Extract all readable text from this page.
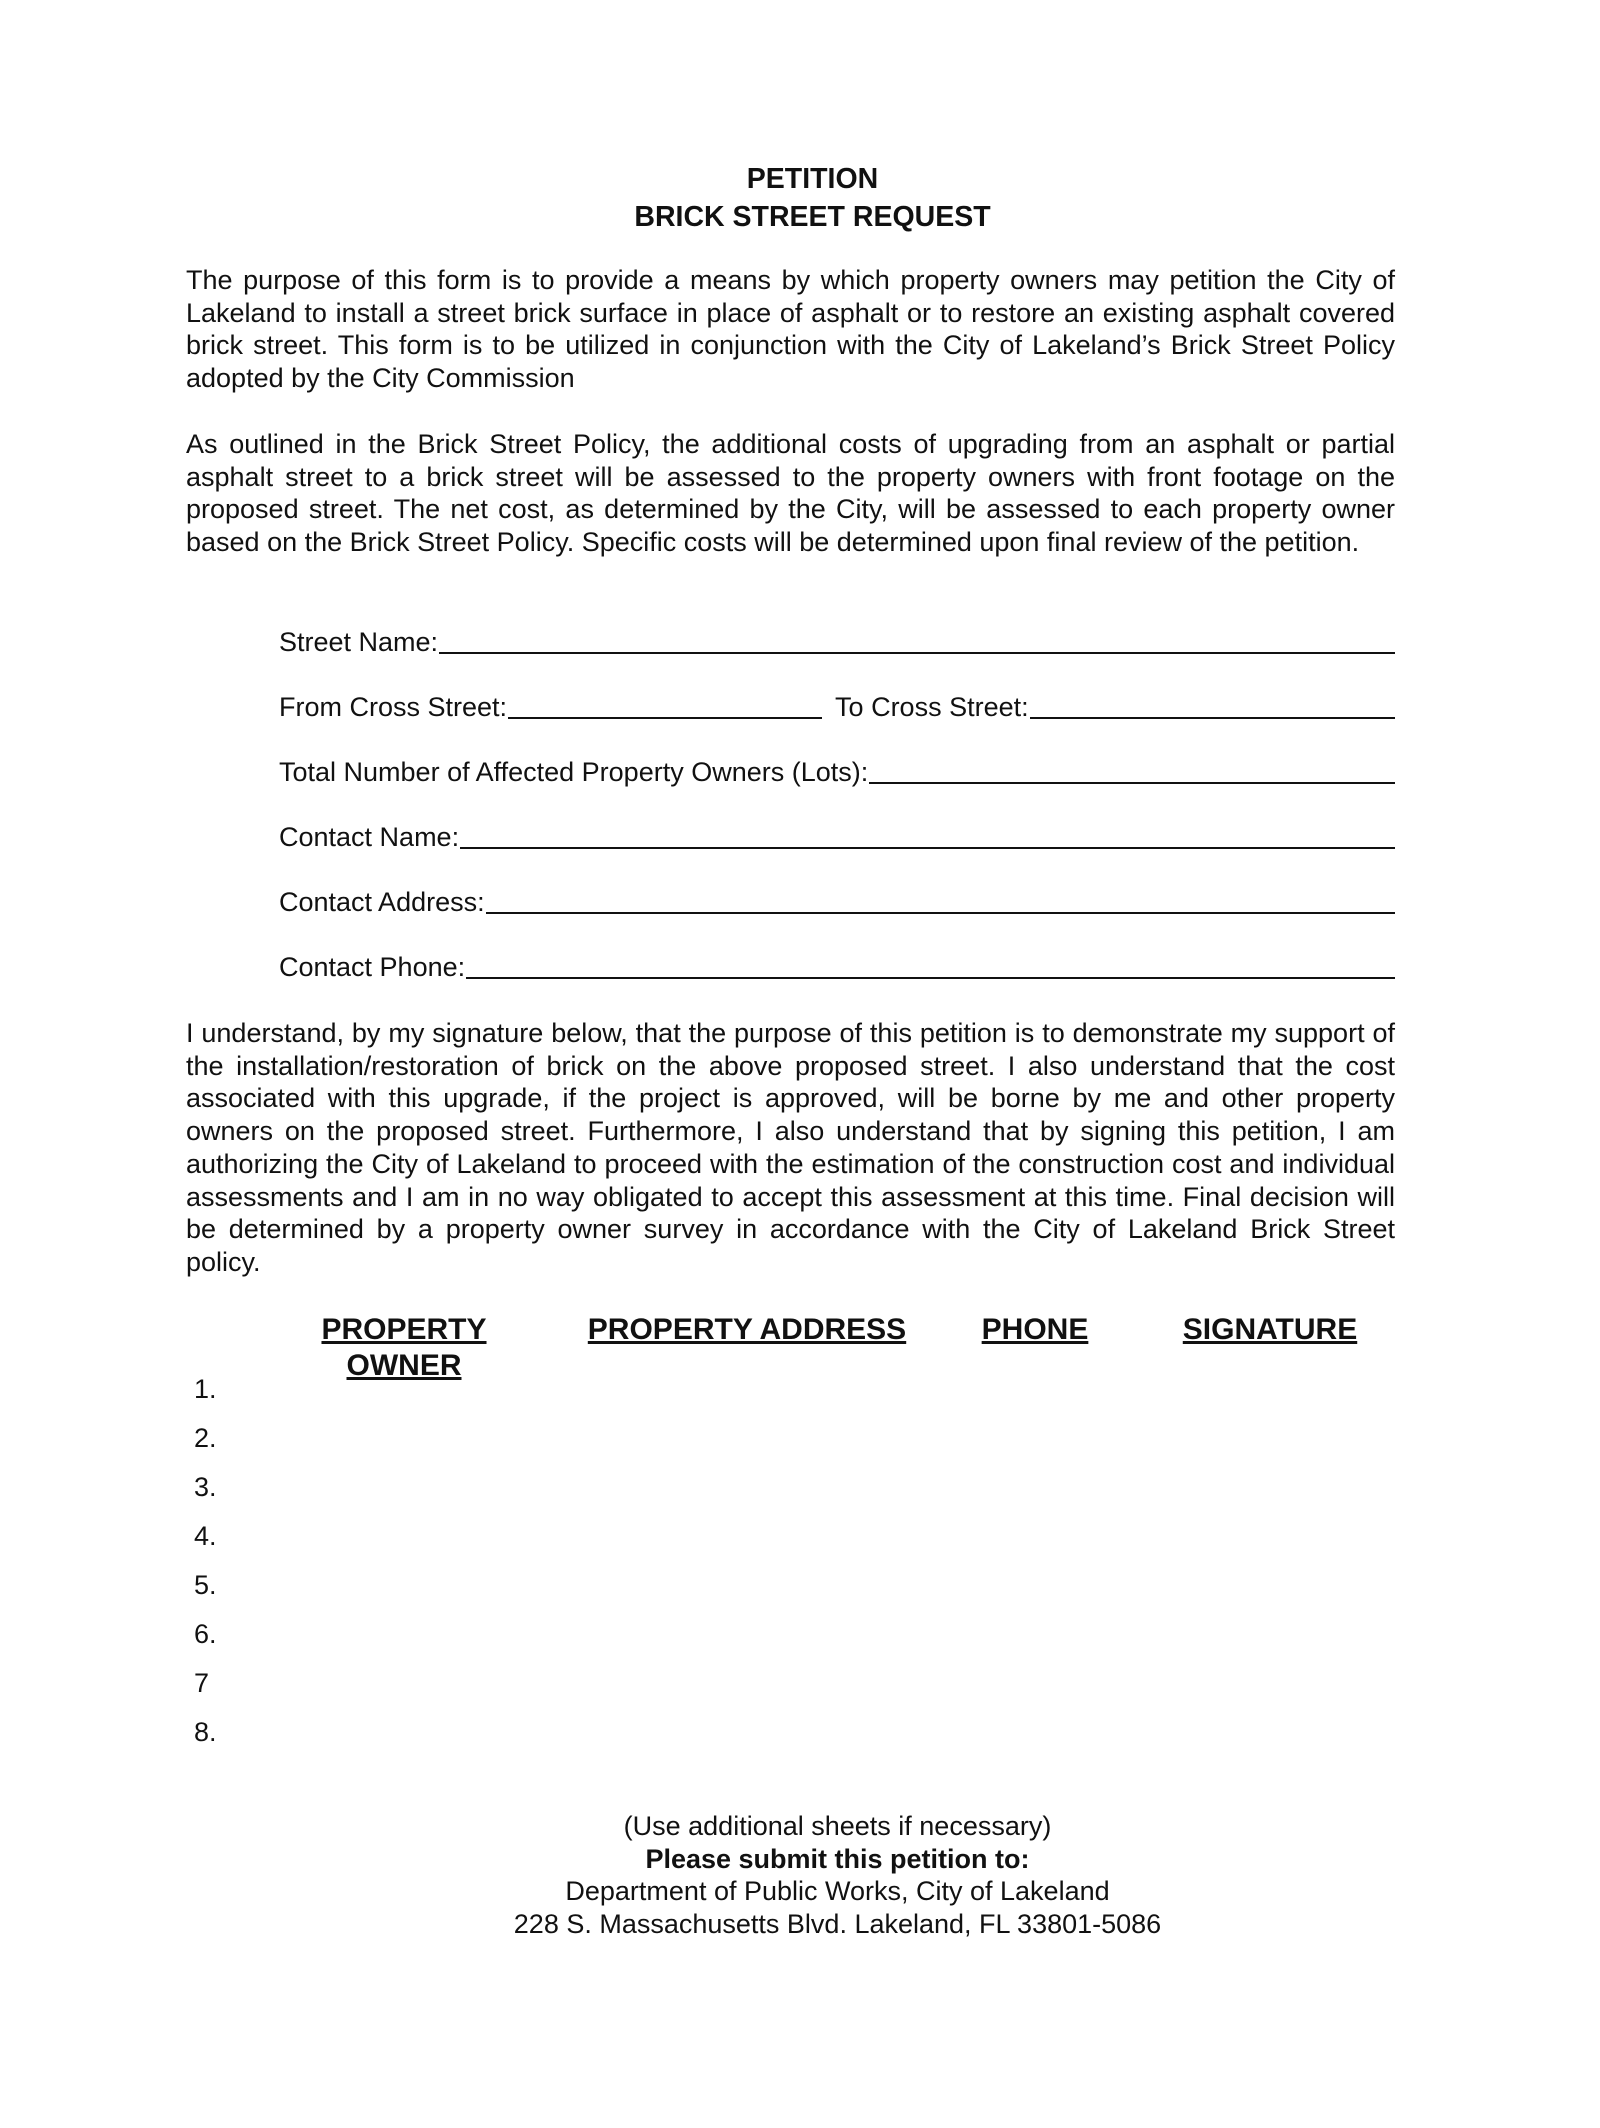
PETITION
BRICK STREET REQUEST

The purpose of this form is to provide a means by which property owners may petition the City of Lakeland to install a street brick surface in place of asphalt or to restore an existing asphalt covered brick street. This form is to be utilized in conjunction with the City of Lakeland’s Brick Street Policy adopted by the City Commission

As outlined in the Brick Street Policy, the additional costs of upgrading from an asphalt or partial asphalt street to a brick street will be assessed to the property owners with front footage on the proposed street. The net cost, as determined by the City, will be assessed to each property owner based on the Brick Street Policy. Specific costs will be determined upon final review of the petition.

Street Name:
From Cross Street:	To Cross Street:
Total Number of Affected Property Owners (Lots):
Contact Name:
Contact Address:
Contact Phone:

I understand, by my signature below, that the purpose of this petition is to demonstrate my support of the installation/restoration of brick on the above proposed street. I also understand that the cost associated with this upgrade, if the project is approved, will be borne by me and other property owners on the proposed street. Furthermore, I also understand that by signing this petition, I am authorizing the City of Lakeland to proceed with the estimation of the construction cost and individual assessments and I am in no way obligated to accept this assessment at this time. Final decision will be determined by a property owner survey in accordance with the City of Lakeland Brick Street policy.

PROPERTY
OWNER
PROPERTY ADDRESS	PHONE	SIGNATURE
1.
2.
3.
4.
5.
6.
7
8.
(Use additional sheets if necessary)
Please submit this petition to:
Department of Public Works, City of Lakeland
228 S. Massachusetts Blvd. Lakeland, FL 33801-5086
